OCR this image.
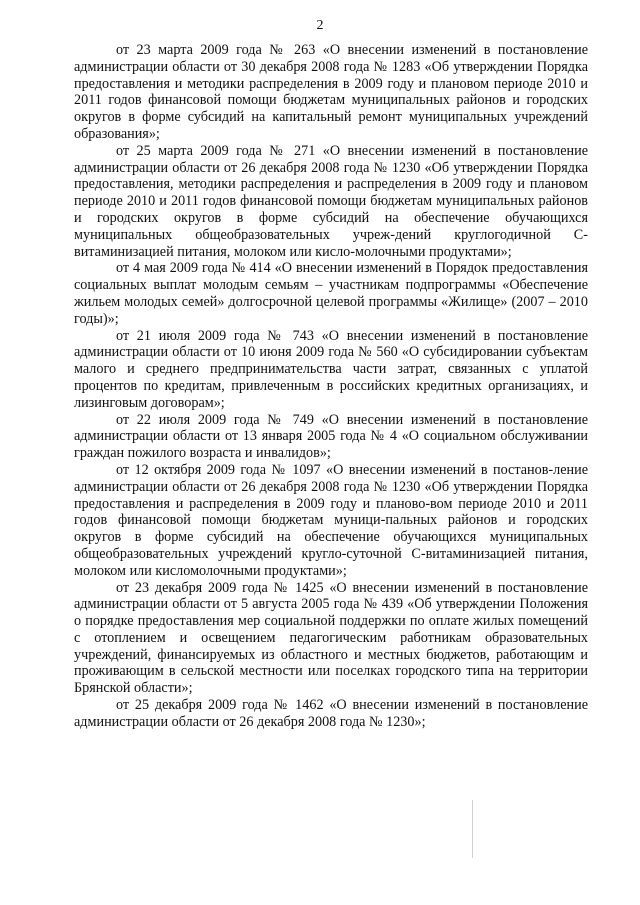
2

от 23 марта 2009 года № 263 «О внесении изменений в постановление администрации области от 30 декабря 2008 года № 1283 «Об утверждении Порядка предоставления и методики распределения в 2009 году и плановом периоде 2010 и 2011 годов финансовой помощи бюджетам муниципальных районов и городских округов в форме субсидий на капитальный ремонт муниципальных учреждений образования»;

от 25 марта 2009 года № 271 «О внесении изменений в постановление администрации области от 26 декабря 2008 года № 1230 «Об утверждении Порядка предоставления, методики распределения и распределения в 2009 году и плановом периоде 2010 и 2011 годов финансовой помощи бюджетам муниципальных районов и городских округов в форме субсидий на обеспечение обучающихся муниципальных общеобразовательных учреж-дений круглогодичной С-витаминизацией питания, молоком или кисло-молочными продуктами»;

от 4 мая 2009 года № 414 «О внесении изменений в Порядок предоставления социальных выплат молодым семьям – участникам подпрограммы «Обеспечение жильем молодых семей» долгосрочной целевой программы «Жилище» (2007 – 2010 годы)»;

от 21 июля 2009 года № 743 «О внесении изменений в постановление администрации области от 10 июня 2009 года № 560 «О субсидировании субъектам малого и среднего предпринимательства части затрат, связанных с уплатой процентов по кредитам, привлеченным в российских кредитных организациях, и лизинговым договорам»;

от 22 июля 2009 года № 749 «О внесении изменений в постановление администрации области от 13 января 2005 года № 4 «О социальном обслуживании граждан пожилого возраста и инвалидов»;

от 12 октября 2009 года № 1097 «О внесении изменений в постанов-ление администрации области от 26 декабря 2008 года № 1230 «Об утверждении Порядка предоставления и распределения в 2009 году и планово-вом периоде 2010 и 2011 годов финансовой помощи бюджетам муници-пальных районов и городских округов в форме субсидий на обеспечение обучающихся муниципальных общеобразовательных учреждений кругло-суточной С-витаминизацией питания, молоком или кисломолочными продуктами»;

от 23 декабря 2009 года № 1425 «О внесении изменений в постановление администрации области от 5 августа 2005 года № 439 «Об утверждении Положения о порядке предоставления мер социальной поддержки по оплате жилых помещений с отоплением и освещением педагогическим работникам образовательных учреждений, финансируемых из областного и местных бюджетов, работающим и проживающим в сельской местности или поселках городского типа на территории Брянской области»;

от 25 декабря 2009 года № 1462 «О внесении изменений в постановление администрации области от 26 декабря 2008 года № 1230»;
